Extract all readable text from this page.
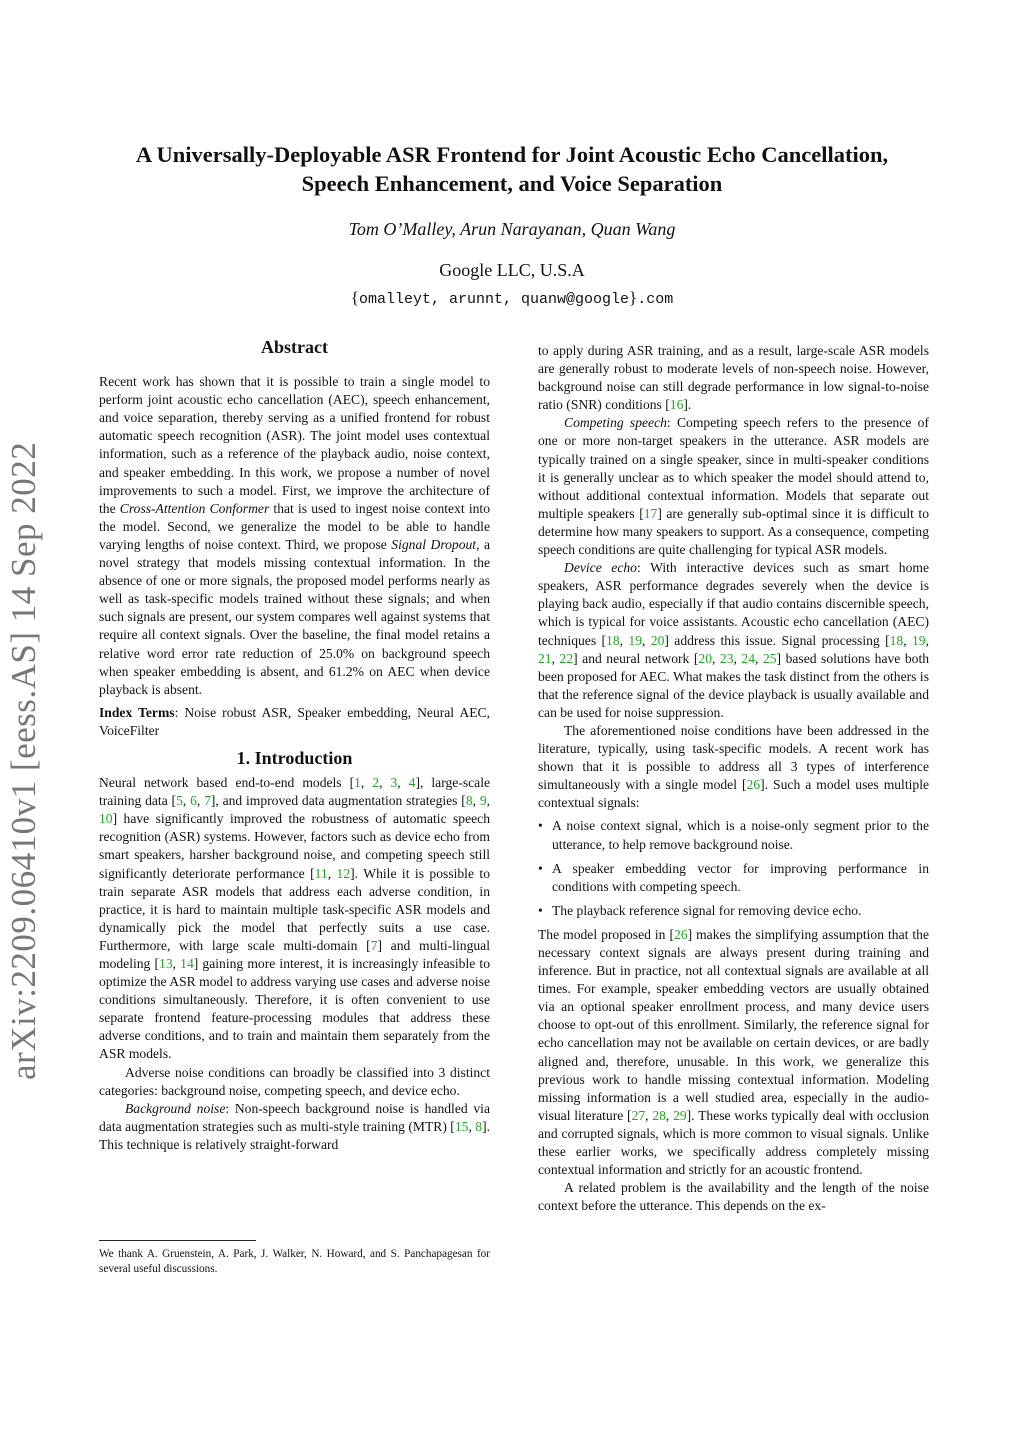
arXiv:2209.06410v1 [eess.AS] 14 Sep 2022
A Universally-Deployable ASR Frontend for Joint Acoustic Echo Cancellation,
Speech Enhancement, and Voice Separation
Tom O’Malley, Arun Narayanan, Quan Wang
Google LLC, U.S.A
{omalleyt, arunnt, quanw@google}.com
Abstract

Recent work has shown that it is possible to train a single model to perform joint acoustic echo cancellation (AEC), speech enhancement, and voice separation, thereby serving as a unified frontend for robust automatic speech recognition (ASR). The joint model uses contextual information, such as a reference of the playback audio, noise context, and speaker embedding. In this work, we propose a number of novel improvements to such a model. First, we improve the architecture of the Cross-Attention Conformer that is used to ingest noise context into the model. Second, we generalize the model to be able to handle varying lengths of noise context. Third, we propose Signal Dropout, a novel strategy that models missing contextual information. In the absence of one or more signals, the proposed model performs nearly as well as task-specific models trained without these signals; and when such signals are present, our system compares well against systems that require all context signals. Over the baseline, the final model retains a relative word error rate reduction of 25.0% on background speech when speaker embedding is absent, and 61.2% on AEC when device playback is absent.

Index Terms: Noise robust ASR, Speaker embedding, Neural AEC, VoiceFilter

1. Introduction

Neural network based end-to-end models [1, 2, 3, 4], large-scale training data [5, 6, 7], and improved data augmentation strategies [8, 9, 10] have significantly improved the robustness of automatic speech recognition (ASR) systems. However, factors such as device echo from smart speakers, harsher background noise, and competing speech still significantly deteriorate performance [11, 12]. While it is possible to train separate ASR models that address each adverse condition, in practice, it is hard to maintain multiple task-specific ASR models and dynamically pick the model that perfectly suits a use case. Furthermore, with large scale multi-domain [7] and multi-lingual modeling [13, 14] gaining more interest, it is increasingly infeasible to optimize the ASR model to address varying use cases and adverse noise conditions simultaneously. Therefore, it is often convenient to use separate frontend feature-processing modules that address these adverse conditions, and to train and maintain them separately from the ASR models.

Adverse noise conditions can broadly be classified into 3 distinct categories: background noise, competing speech, and device echo.

Background noise: Non-speech background noise is handled via data augmentation strategies such as multi-style training (MTR) [15, 8]. This technique is relatively straight-forward

We thank A. Gruenstein, A. Park, J. Walker, N. Howard, and S. Panchapagesan for several useful discussions.

to apply during ASR training, and as a result, large-scale ASR models are generally robust to moderate levels of non-speech noise. However, background noise can still degrade performance in low signal-to-noise ratio (SNR) conditions [16].

Competing speech: Competing speech refers to the presence of one or more non-target speakers in the utterance. ASR models are typically trained on a single speaker, since in multi-speaker conditions it is generally unclear as to which speaker the model should attend to, without additional contextual information. Models that separate out multiple speakers [17] are generally sub-optimal since it is difficult to determine how many speakers to support. As a consequence, competing speech conditions are quite challenging for typical ASR models.

Device echo: With interactive devices such as smart home speakers, ASR performance degrades severely when the device is playing back audio, especially if that audio contains discernible speech, which is typical for voice assistants. Acoustic echo cancellation (AEC) techniques [18, 19, 20] address this issue. Signal processing [18, 19, 21, 22] and neural network [20, 23, 24, 25] based solutions have both been proposed for AEC. What makes the task distinct from the others is that the reference signal of the device playback is usually available and can be used for noise suppression.

The aforementioned noise conditions have been addressed in the literature, typically, using task-specific models. A recent work has shown that it is possible to address all 3 types of interference simultaneously with a single model [26]. Such a model uses multiple contextual signals:

• A noise context signal, which is a noise-only segment prior to the utterance, to help remove background noise.
• A speaker embedding vector for improving performance in conditions with competing speech.
• The playback reference signal for removing device echo.

The model proposed in [26] makes the simplifying assumption that the necessary context signals are always present during training and inference. But in practice, not all contextual signals are available at all times. For example, speaker embedding vectors are usually obtained via an optional speaker enrollment process, and many device users choose to opt-out of this enrollment. Similarly, the reference signal for echo cancellation may not be available on certain devices, or are badly aligned and, therefore, unusable. In this work, we generalize this previous work to handle missing contextual information. Modeling missing information is a well studied area, especially in the audio-visual literature [27, 28, 29]. These works typically deal with occlusion and corrupted signals, which is more common to visual signals. Unlike these earlier works, we specifically address completely missing contextual information and strictly for an acoustic frontend.

A related problem is the availability and the length of the noise context before the utterance. This depends on the ex-
